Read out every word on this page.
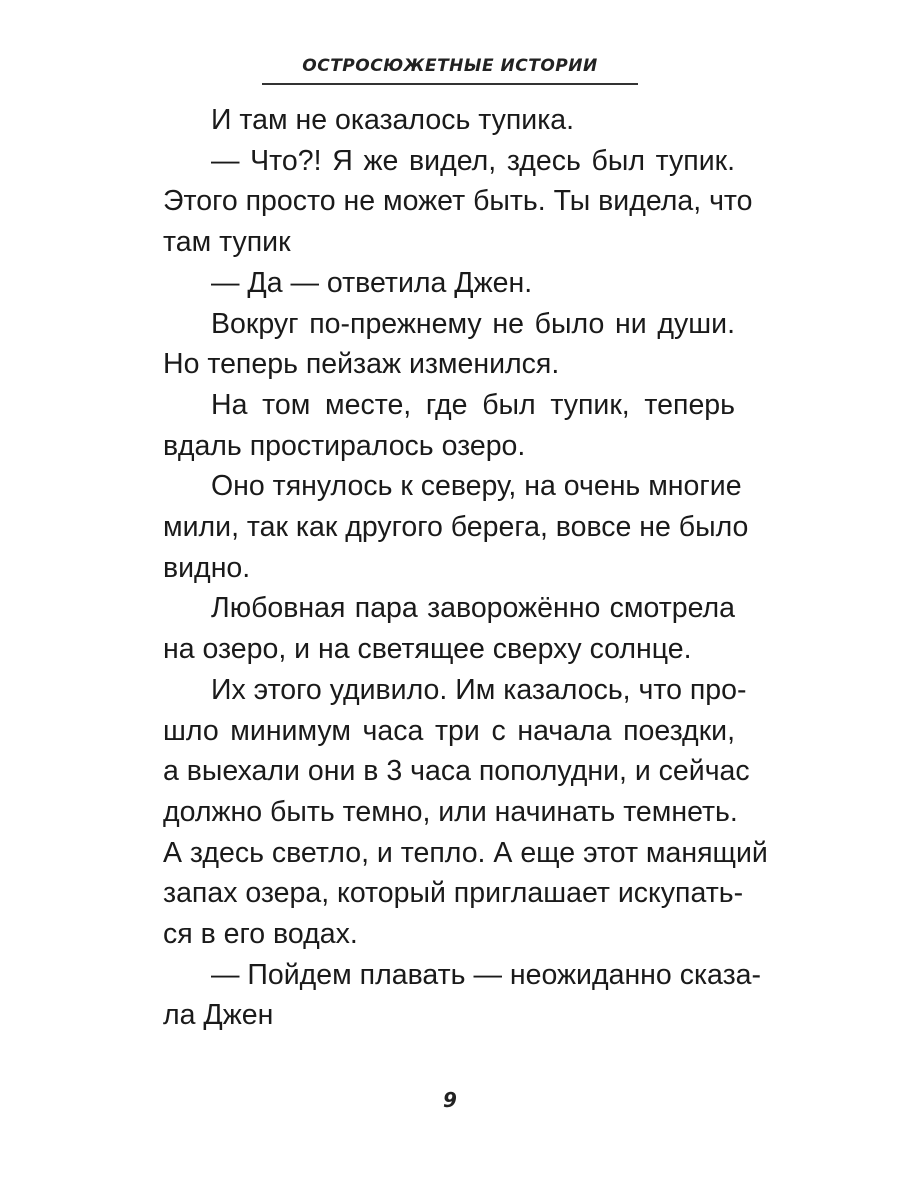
ОСТРОСЮЖЕТНЫЕ ИСТОРИИ
И там не оказалось тупика.
— Что?! Я же видел, здесь был тупик.
Этого просто не может быть. Ты видела, что
там тупик
— Да — ответила Джен.
Вокруг по-прежнему не было ни души.
Но теперь пейзаж изменился.
На том месте, где был тупик, теперь
вдаль простиралось озеро.
Оно тянулось к северу, на очень многие
мили, так как другого берега, вовсе не было
видно.
Любовная пара заворожённо смотрела
на озеро, и на светящее сверху солнце.
Их этого удивило. Им казалось, что про-
шло минимум часа три с начала поездки,
а выехали они в 3 часа пополудни, и сейчас
должно быть темно, или начинать темнеть.
А здесь светло, и тепло. А еще этот манящий
запах озера, который приглашает искупать-
ся в его водах.
— Пойдем плавать — неожиданно сказа-
ла Джен
9
